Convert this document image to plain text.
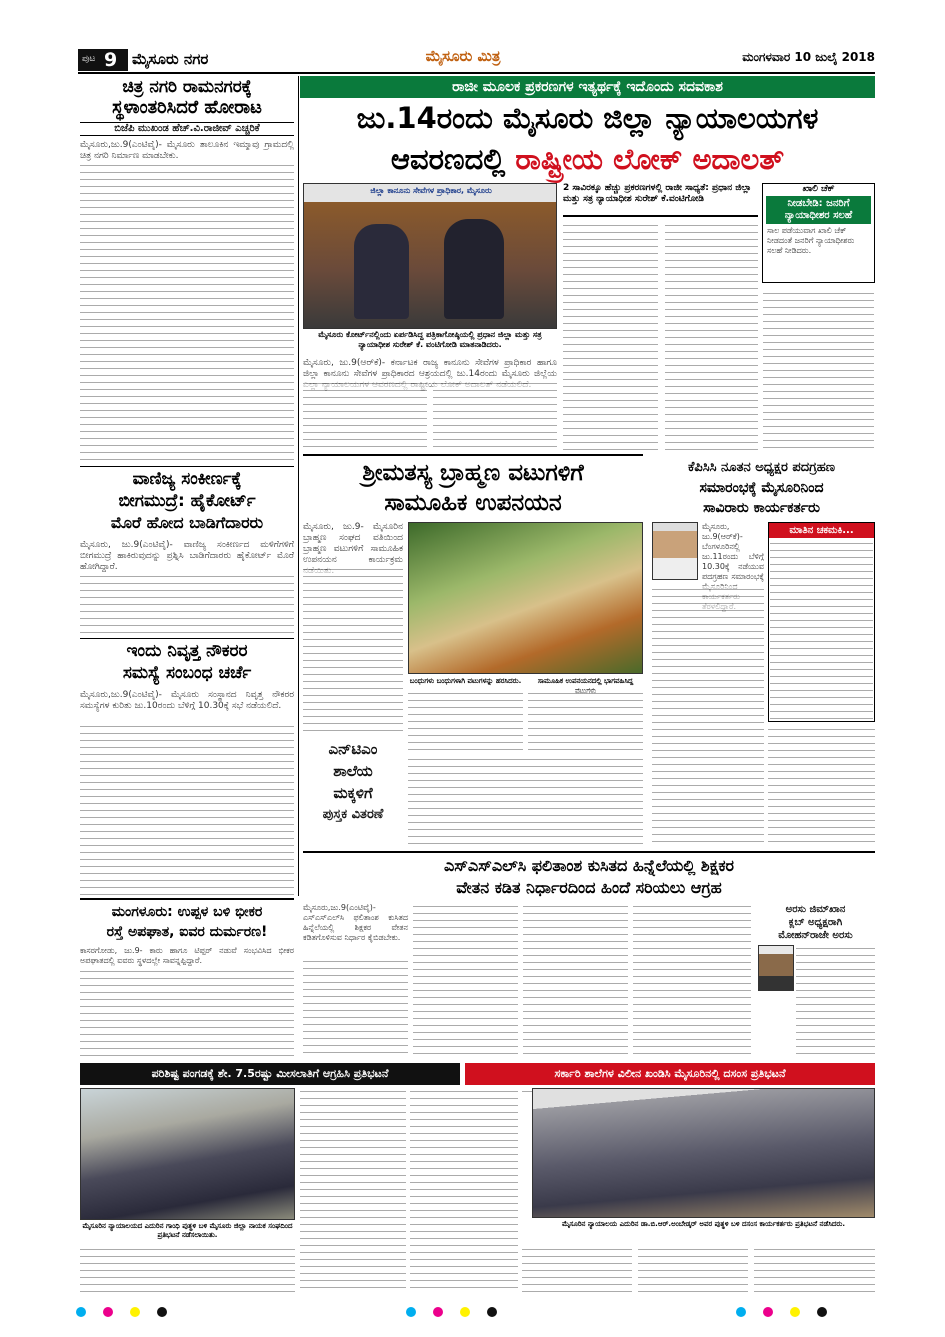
ಪುಟ 9 ಮೈಸೂರು ನಗರ	ಮೈಸೂರು ಮಿತ್ರ	ಮಂಗಳವಾರ 10 ಜುಲೈ 2018
ರಾಜೀ ಮೂಲಕ ಪ್ರಕರಣಗಳ ಇತ್ಯರ್ಥಕ್ಕೆ ಇದೊಂದು ಸದವಕಾಶ
ಜು.14ರಂದು ಮೈಸೂರು ಜಿಲ್ಲಾ ನ್ಯಾಯಾಲಯಗಳ
ಆವರಣದಲ್ಲಿ ರಾಷ್ಟ್ರೀಯ ಲೋಕ್ ಅದಾಲತ್
ಜಿಲ್ಲಾ ಕಾನೂನು ಸೇವೆಗಳ ಪ್ರಾಧಿಕಾರ, ಮೈಸೂರು
ಮೈಸೂರು ಕೋರ್ಟ್‌ನಲ್ಲಿಂದು ಏರ್ಪಡಿಸಿದ್ದ ಪತ್ರಿಕಾಗೋಷ್ಠಿಯಲ್ಲಿ ಪ್ರಧಾನ ಜಿಲ್ಲಾ ಮತ್ತು ಸತ್ರ ನ್ಯಾಯಾಧೀಶ ಸುರೇಶ್ ಕೆ. ವಂಟಿಗೋಡಿ ಮಾತನಾಡಿದರು.
2 ಸಾವಿರಕ್ಕೂ ಹೆಚ್ಚು ಪ್ರಕರಣಗಳಲ್ಲಿ ರಾಜೀ ಸಾಧ್ಯತೆ: ಪ್ರಧಾನ ಜಿಲ್ಲಾ ಮತ್ತು ಸತ್ರ ನ್ಯಾಯಾಧೀಶ ಸುರೇಶ್ ಕೆ.ವಂಟಿಗೋಡಿ
ಮೈಸೂರು, ಜು.9(ಆರ್‌ಕೆ)- ಕರ್ನಾಟಕ ರಾಜ್ಯ ಕಾನೂನು ಸೇವೆಗಳ ಪ್ರಾಧಿಕಾರ ಹಾಗೂ ಜಿಲ್ಲಾ ಕಾನೂನು ಸೇವೆಗಳ ಪ್ರಾಧಿಕಾರದ ಆಶ್ರಯದಲ್ಲಿ ಜು.14ರಂದು ಮೈಸೂರು ಜಿಲ್ಲೆಯ
ಖಾಲಿ ಚೆಕ್
ನೀಡಬೇಡಿ: ಜನರಿಗೆ ನ್ಯಾಯಾಧೀಶರ ಸಲಹೆ
ಸಾಲ ಪಡೆಯುವಾಗ ಖಾಲಿ ಚೆಕ್ ನೀಡದಂತೆ ಜನರಿಗೆ ನ್ಯಾಯಾಧೀಶರು ಸಲಹೆ ನೀಡಿದರು.
ಚಿತ್ರ ನಗರಿ ರಾಮನಗರಕ್ಕೆ
ಸ್ಥಳಾಂತರಿಸಿದರೆ ಹೋರಾಟ
ಬಿಜೆಪಿ ಮುಖಂಡ ಹೆಚ್.ವಿ.ರಾಜೀವ್ ಎಚ್ಚರಿಕೆ
ಮೈಸೂರು,ಜು.9(ಎಂಟಿವೈ)- ಮೈಸೂರು ತಾಲೂಕಿನ ಇಮ್ಮಾವು ಗ್ರಾಮದಲ್ಲಿ ಚಿತ್ರ ನಗರಿ ನಿರ್ಮಾಣ ಮಾಡಬೇಕು.
ವಾಣಿಜ್ಯ ಸಂಕೀರ್ಣಕ್ಕೆ
ಬೀಗಮುದ್ರೆ: ಹೈಕೋರ್ಟ್
ಮೊರೆ ಹೋದ ಬಾಡಿಗೆದಾರರು
ಮೈಸೂರು, ಜು.9(ಎಂಟಿವೈ)- ವಾಣಿಜ್ಯ ಸಂಕೀರ್ಣದ ಮಳಿಗೆಗಳಿಗೆ ಬೀಗಮುದ್ರೆ ಹಾಕಿರುವುದನ್ನು ಪ್ರಶ್ನಿಸಿ ಬಾಡಿಗೆದಾರರು ಹೈಕೋರ್ಟ್ ಮೊರೆ ಹೋಗಿದ್ದಾರೆ.
ಇಂದು ನಿವೃತ್ತ ನೌಕರರ
ಸಮಸ್ಯೆ ಸಂಬಂಧ ಚರ್ಚೆ
ಮೈಸೂರು,ಜು.9(ಎಂಟಿವೈ)- ಮೈಸೂರು ಸಂಸ್ಥಾನದ ನಿವೃತ್ತ ನೌಕರರ ಸಮಸ್ಯೆಗಳ ಕುರಿತು ಜು.10ರಂದು ಬೆಳಿಗ್ಗೆ 10.30ಕ್ಕೆ ಸಭೆ ನಡೆಯಲಿದೆ.
ಶ್ರೀಮತಸ್ಯ ಬ್ರಾಹ್ಮಣ ವಟುಗಳಿಗೆ
ಸಾಮೂಹಿಕ ಉಪನಯನ
ಮೈಸೂರು, ಜು.9- ಮೈಸೂರಿನ ಬ್ರಾಹ್ಮಣ ಸಂಘದ ವತಿಯಿಂದ ಬ್ರಾಹ್ಮಣ ವಟುಗಳಿಗೆ ಸಾಮೂಹಿಕ ಉಪನಯನ ಕಾರ್ಯಕ್ರಮ
ಬಂಧುಗಳು ಬಂಧುಗಳಾಗಿ ವಟುಗಳನ್ನು ಹರಸಿದರು.	ಸಾಮೂಹಿಕ ಉಪನಯನದಲ್ಲಿ ಭಾಗವಹಿಸಿದ್ದ
ಎನ್‌ಟಿಎಂ
ಶಾಲೆಯ
ಮಕ್ಕಳಿಗೆ
ಪುಸ್ತಕ ವಿತರಣೆ
ಕೆಪಿಸಿಸಿ ನೂತನ ಅಧ್ಯಕ್ಷರ ಪದಗ್ರಹಣ
ಸಮಾರಂಭಕ್ಕೆ ಮೈಸೂರಿನಿಂದ
ಸಾವಿರಾರು ಕಾರ್ಯಕರ್ತರು
ಮೈಸೂರು, ಜು.9(ಆರ್‌ಕೆ)- ಬೆಂಗಳೂರಿನಲ್ಲಿ ಜು.11ರಂದು ಬೆಳಿಗ್ಗೆ 10.30ಕ್ಕೆ ನಡೆಯುವ ಪದಗ್ರಹಣ ಸಮಾರಂಭಕ್ಕೆ
ಮಾತಿನ ಚಕಮಕಿ...
ಎಸ್‌ಎಸ್‌ಎಲ್‌ಸಿ ಫಲಿತಾಂಶ ಕುಸಿತದ ಹಿನ್ನೆಲೆಯಲ್ಲಿ ಶಿಕ್ಷಕರ
ವೇತನ ಕಡಿತ ನಿರ್ಧಾರದಿಂದ ಹಿಂದೆ ಸರಿಯಲು ಆಗ್ರಹ
ಮೈಸೂರು,ಜು.9(ಎಂಟಿವೈ)- ಎಸ್‌ಎಸ್‌ಎಲ್‌ಸಿ ಫಲಿತಾಂಶ ಕುಸಿತದ ಹಿನ್ನೆಲೆಯಲ್ಲಿ ಶಿಕ್ಷಕರ ವೇತನ ಕಡಿತಗೊಳಿಸುವ ನಿರ್ಧಾರ ಕೈಬಿಡಬೇಕು.
ಅರಸು ಜಿಮ್‌ಖಾನ
ಕ್ಲಬ್ ಅಧ್ಯಕ್ಷರಾಗಿ
ಮೋಹನ್‌ರಾಜೇ ಅರಸು
ಮಂಗಳೂರು: ಉಪ್ಪಳ ಬಳಿ ಭೀಕರ
ರಸ್ತೆ ಅಪಘಾತ, ಐವರ ದುರ್ಮರಣ!
ಕಾಸರಗೋಡು, ಜು.9- ಕಾರು ಹಾಗೂ ಟಿಪ್ಪರ್ ನಡುವೆ ಸಂಭವಿಸಿದ ಭೀಕರ ಅಪಘಾತದಲ್ಲಿ ಐವರು ಸ್ಥಳದಲ್ಲೇ ಸಾವನ್ನಪ್ಪಿದ್ದಾರೆ.
ಪರಿಶಿಷ್ಟ ಪಂಗಡಕ್ಕೆ ಶೇ. 7.5ರಷ್ಟು ಮೀಸಲಾತಿಗೆ ಆಗ್ರಹಿಸಿ ಪ್ರತಿಭಟನೆ	ಸರ್ಕಾರಿ ಶಾಲೆಗಳ ವಿಲೀನ ಖಂಡಿಸಿ ಮೈಸೂರಿನಲ್ಲಿ ದಸಂಸ ಪ್ರತಿಭಟನೆ
ಮೈಸೂರಿನ ನ್ಯಾಯಾಲಯದ ಎದುರಿನ ಗಾಂಧಿ ಪುತ್ಥಳಿ ಬಳಿ ಮೈಸೂರು ಜಿಲ್ಲಾ ನಾಯಕ ಸಂಘದಿಂದ ಪ್ರತಿಭಟನೆ ನಡೆಸಲಾಯಿತು.
ಮೈಸೂರಿನ ನ್ಯಾಯಾಲಯ ಎದುರಿನ ಡಾ.ಬಿ.ಆರ್.ಅಂಬೇಡ್ಕರ್ ಅವರ ಪುತ್ಥಳಿ ಬಳಿ ದಸಂಸ ಕಾರ್ಯಕರ್ತರು ಪ್ರತಿಭಟನೆ ನಡೆಸಿದರು.
